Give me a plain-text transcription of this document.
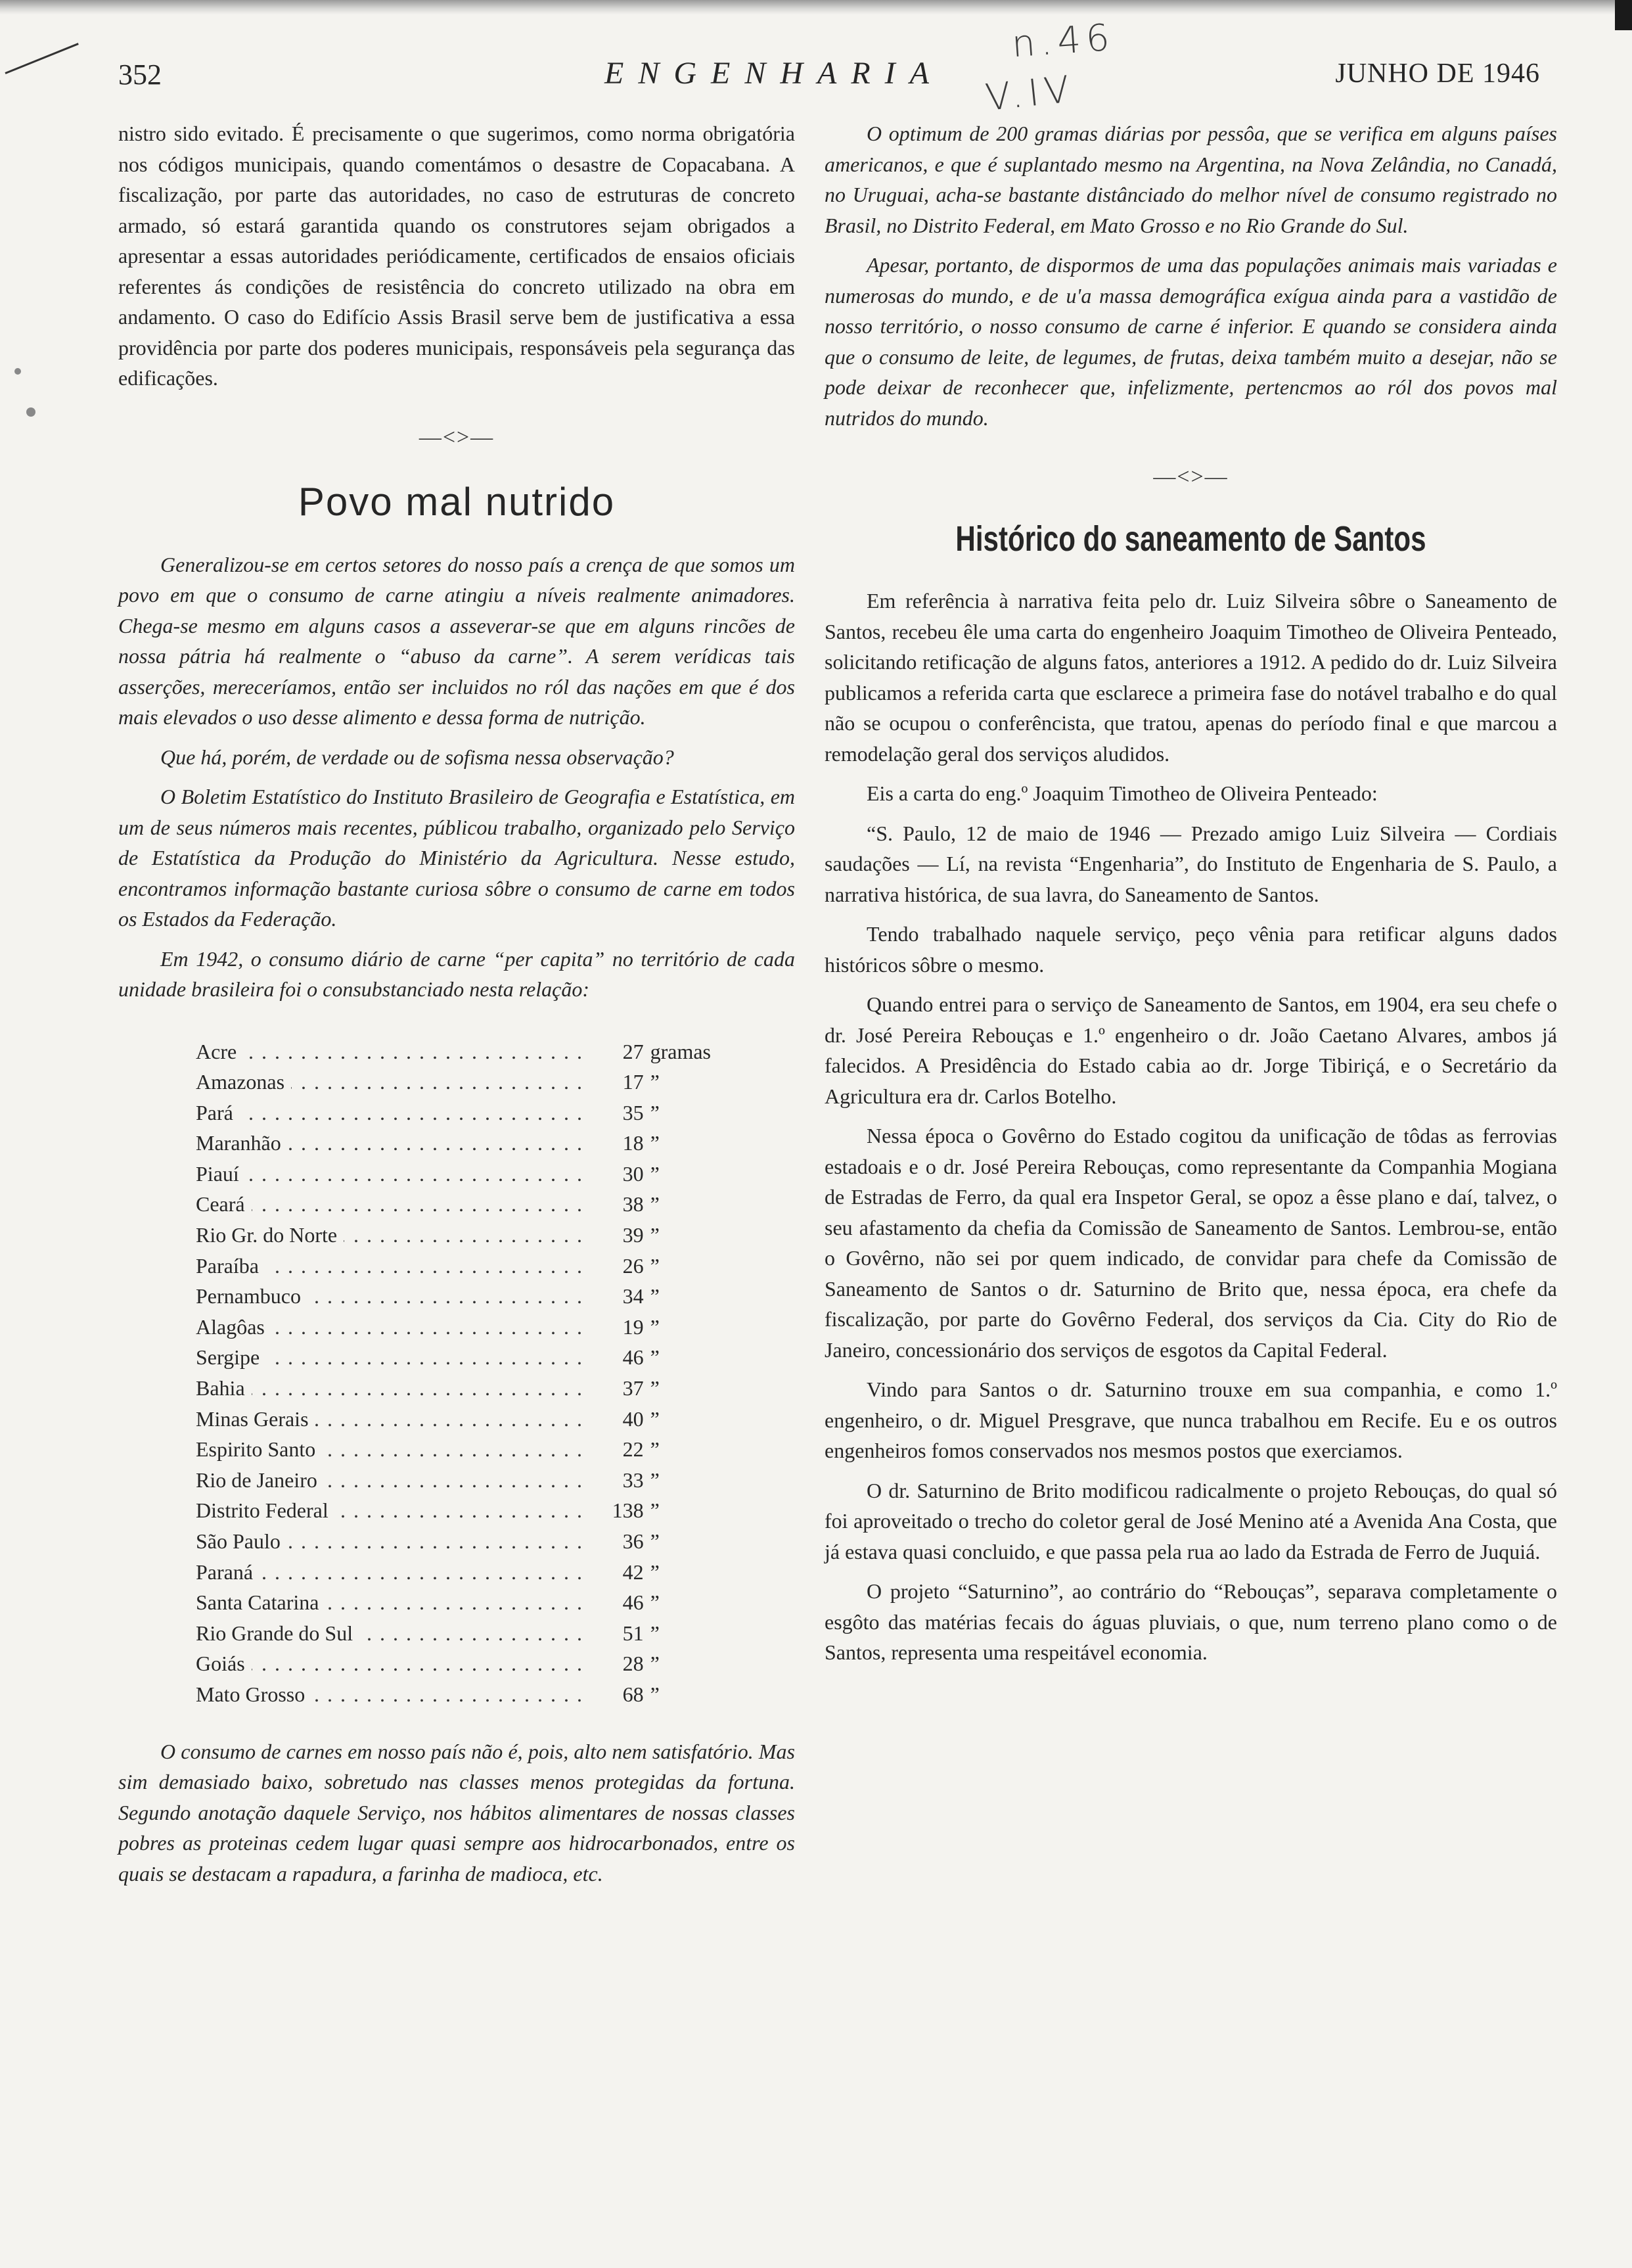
352	ENGENHARIA	JUNHO DE 1946
n.46
V.IV

nistro sido evitado. É precisamente o que sugerimos, como norma obrigatória nos códigos municipais, quando comentámos o desastre de Copacabana. A fiscalização, por parte das autoridades, no caso de estruturas de concreto armado, só estará garantida quando os construtores sejam obrigados a apresentar a essas autoridades periódicamente, certificados de ensaios oficiais referentes ás condições de resistência do concreto utilizado na obra em andamento. O caso do Edifício Assis Brasil serve bem de justificativa a essa providência por parte dos poderes municipais, responsáveis pela segurança das edificações.

—<>—
Povo mal nutrido

Generalizou-se em certos setores do nosso país a crença de que somos um povo em que o consumo de carne atingiu a níveis realmente animadores. Chega-se mesmo em alguns casos a asseverar-se que em alguns rincões de nossa pátria há realmente o “abuso da carne”. A serem verídicas tais asserções, mereceríamos, então ser incluidos no ról das nações em que é dos mais elevados o uso desse alimento e dessa forma de nutrição.

Que há, porém, de verdade ou de sofisma nessa observação?

O Boletim Estatístico do Instituto Brasileiro de Geografia e Estatística, em um de seus números mais recentes, públicou trabalho, organizado pelo Serviço de Estatística da Produção do Ministério da Agricultura. Nesse estudo, encontramos informação bastante curiosa sôbre o consumo de carne em todos os Estados da Federação.

Em 1942, o consumo diário de carne “per capita” no território de cada unidade brasileira foi o consubstanciado nesta relação:

Acre . . .	27 gramas
Amazonas . . .	17 ”
Pará . . .	35 ”
Maranhão . . .	18 ”
Piauí . . .	30 ”
Ceará . . .	38 ”
Rio Gr. do Norte . . .	39 ”
Paraíba . . .	26 ”
Pernambuco . . .	34 ”
Alagôas . . .	19 ”
Sergipe . . .	46 ”
Bahia . . .	37 ”
Minas Gerais . . .	40 ”
Espirito Santo . . .	22 ”
Rio de Janeiro . . .	33 ”
Distrito Federal . . .	138 ”
São Paulo . . .	36 ”
Paraná . . .	42 ”
Santa Catarina . . .	46 ”
Rio Grande do Sul . . .	51 ”
Goiás . . .	28 ”
Mato Grosso . . .	68 ”

O consumo de carnes em nosso país não é, pois, alto nem satisfatório. Mas sim demasiado baixo, sobretudo nas classes menos protegidas da fortuna. Segundo anotação daquele Serviço, nos hábitos alimentares de nossas classes pobres as proteinas cedem lugar quasi sempre aos hidrocarbonados, entre os quais se destacam a rapadura, a farinha de madioca, etc.

O optimum de 200 gramas diárias por pessôa, que se verifica em alguns países americanos, e que é suplantado mesmo na Argentina, na Nova Zelândia, no Canadá, no Uruguai, acha-se bastante distânciado do melhor nível de consumo registrado no Brasil, no Distrito Federal, em Mato Grosso e no Rio Grande do Sul.

Apesar, portanto, de dispormos de uma das populações animais mais variadas e numerosas do mundo, e de u'a massa demográfica exígua ainda para a vastidão de nosso território, o nosso consumo de carne é inferior. E quando se considera ainda que o consumo de leite, de legumes, de frutas, deixa também muito a desejar, não se pode deixar de reconhecer que, infelizmente, pertencmos ao ról dos povos mal nutridos do mundo.

—<>—
Histórico do saneamento de Santos

Em referência à narrativa feita pelo dr. Luiz Silveira sôbre o Saneamento de Santos, recebeu êle uma carta do engenheiro Joaquim Timotheo de Oliveira Penteado, solicitando retificação de alguns fatos, anteriores a 1912. A pedido do dr. Luiz Silveira publicamos a referida carta que esclarece a primeira fase do notável trabalho e do qual não se ocupou o conferêncista, que tratou, apenas do período final e que marcou a remodelação geral dos serviços aludidos.

Eis a carta do eng.º Joaquim Timotheo de Oliveira Penteado:

“S. Paulo, 12 de maio de 1946 — Prezado amigo Luiz Silveira — Cordiais saudações — Lí, na revista “Engenharia”, do Instituto de Engenharia de S. Paulo, a narrativa histórica, de sua lavra, do Saneamento de Santos.

Tendo trabalhado naquele serviço, peço vênia para retificar alguns dados históricos sôbre o mesmo.

Quando entrei para o serviço de Saneamento de Santos, em 1904, era seu chefe o dr. José Pereira Rebouças e 1.º engenheiro o dr. João Caetano Alvares, ambos já falecidos. A Presidência do Estado cabia ao dr. Jorge Tibiriçá, e o Secretário da Agricultura era dr. Carlos Botelho.

Nessa época o Govêrno do Estado cogitou da unificação de tôdas as ferrovias estadoais e o dr. José Pereira Rebouças, como representante da Companhia Mogiana de Estradas de Ferro, da qual era Inspetor Geral, se opoz a êsse plano e daí, talvez, o seu afastamento da chefia da Comissão de Saneamento de Santos. Lembrou-se, então o Govêrno, não sei por quem indicado, de convidar para chefe da Comissão de Saneamento de Santos o dr. Saturnino de Brito que, nessa época, era chefe da fiscalização, por parte do Govêrno Federal, dos serviços da Cia. City do Rio de Janeiro, concessionário dos serviços de esgotos da Capital Federal.

Vindo para Santos o dr. Saturnino trouxe em sua companhia, e como 1.º engenheiro, o dr. Miguel Presgrave, que nunca trabalhou em Recife. Eu e os outros engenheiros fomos conservados nos mesmos postos que exerciamos.

O dr. Saturnino de Brito modificou radicalmente o projeto Rebouças, do qual só foi aproveitado o trecho do coletor geral de José Menino até a Avenida Ana Costa, que já estava quasi concluido, e que passa pela rua ao lado da Estrada de Ferro de Juquiá.

O projeto “Saturnino”, ao contrário do “Rebouças”, separava completamente o esgôto das matérias fecais do águas pluviais, o que, num terreno plano como o de Santos, representa uma respeitável economia.
